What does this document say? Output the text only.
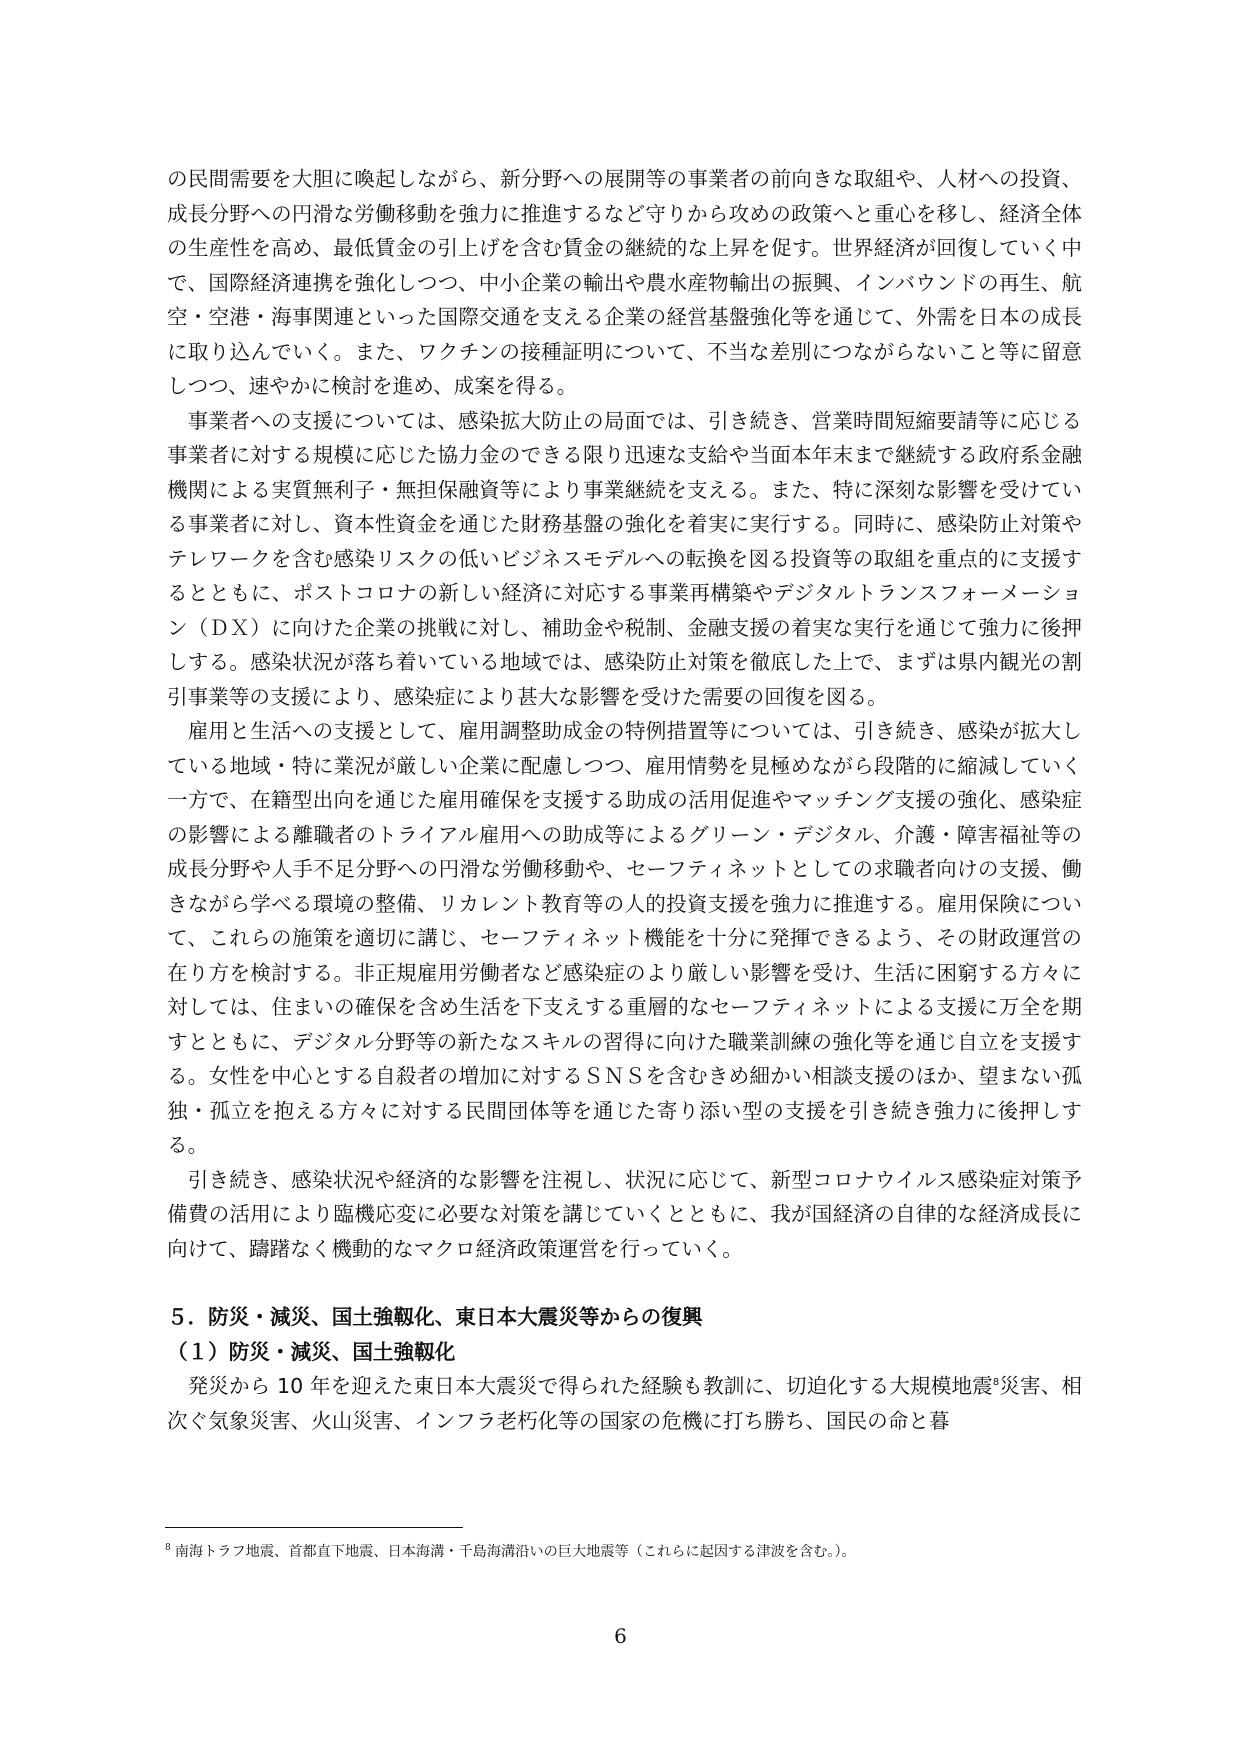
の民間需要を大胆に喚起しながら、新分野への展開等の事業者の前向きな取組や、人材への投資、成長分野への円滑な労働移動を強力に推進するなど守りから攻めの政策へと重心を移し、経済全体の生産性を高め、最低賃金の引上げを含む賃金の継続的な上昇を促す。世界経済が回復していく中で、国際経済連携を強化しつつ、中小企業の輸出や農水産物輸出の振興、インバウンドの再生、航空・空港・海事関連といった国際交通を支える企業の経営基盤強化等を通じて、外需を日本の成長に取り込んでいく。また、ワクチンの接種証明について、不当な差別につながらないこと等に留意しつつ、速やかに検討を進め、成案を得る。

事業者への支援については、感染拡大防止の局面では、引き続き、営業時間短縮要請等に応じる事業者に対する規模に応じた協力金のできる限り迅速な支給や当面本年末まで継続する政府系金融機関による実質無利子・無担保融資等により事業継続を支える。また、特に深刻な影響を受けている事業者に対し、資本性資金を通じた財務基盤の強化を着実に実行する。同時に、感染防止対策やテレワークを含む感染リスクの低いビジネスモデルへの転換を図る投資等の取組を重点的に支援するとともに、ポストコロナの新しい経済に対応する事業再構築やデジタルトランスフォーメーション（ＤＸ）に向けた企業の挑戦に対し、補助金や税制、金融支援の着実な実行を通じて強力に後押しする。感染状況が落ち着いている地域では、感染防止対策を徹底した上で、まずは県内観光の割引事業等の支援により、感染症により甚大な影響を受けた需要の回復を図る。

雇用と生活への支援として、雇用調整助成金の特例措置等については、引き続き、感染が拡大している地域・特に業況が厳しい企業に配慮しつつ、雇用情勢を見極めながら段階的に縮減していく一方で、在籍型出向を通じた雇用確保を支援する助成の活用促進やマッチング支援の強化、感染症の影響による離職者のトライアル雇用への助成等によるグリーン・デジタル、介護・障害福祉等の成長分野や人手不足分野への円滑な労働移動や、セーフティネットとしての求職者向けの支援、働きながら学べる環境の整備、リカレント教育等の人的投資支援を強力に推進する。雇用保険について、これらの施策を適切に講じ、セーフティネット機能を十分に発揮できるよう、その財政運営の在り方を検討する。非正規雇用労働者など感染症のより厳しい影響を受け、生活に困窮する方々に対しては、住まいの確保を含め生活を下支えする重層的なセーフティネットによる支援に万全を期すとともに、デジタル分野等の新たなスキルの習得に向けた職業訓練の強化等を通じ自立を支援する。女性を中心とする自殺者の増加に対するＳＮＳを含むきめ細かい相談支援のほか、望まない孤独・孤立を抱える方々に対する民間団体等を通じた寄り添い型の支援を引き続き強力に後押しする。

引き続き、感染状況や経済的な影響を注視し、状況に応じて、新型コロナウイルス感染症対策予備費の活用により臨機応変に必要な対策を講じていくとともに、我が国経済の自律的な経済成長に向けて、躊躇なく機動的なマクロ経済政策運営を行っていく。

５．防災・減災、国土強靱化、東日本大震災等からの復興

（１）防災・減災、国土強靱化

発災から 10 年を迎えた東日本大震災で得られた経験も教訓に、切迫化する大規模地震$^8$災害、相次ぐ気象災害、火山災害、インフラ老朽化等の国家の危機に打ち勝ち、国民の命と暮

$^8$ 南海トラフ地震、首都直下地震、日本海溝・千島海溝沿いの巨大地震等（これらに起因する津波を含む。）。
6
